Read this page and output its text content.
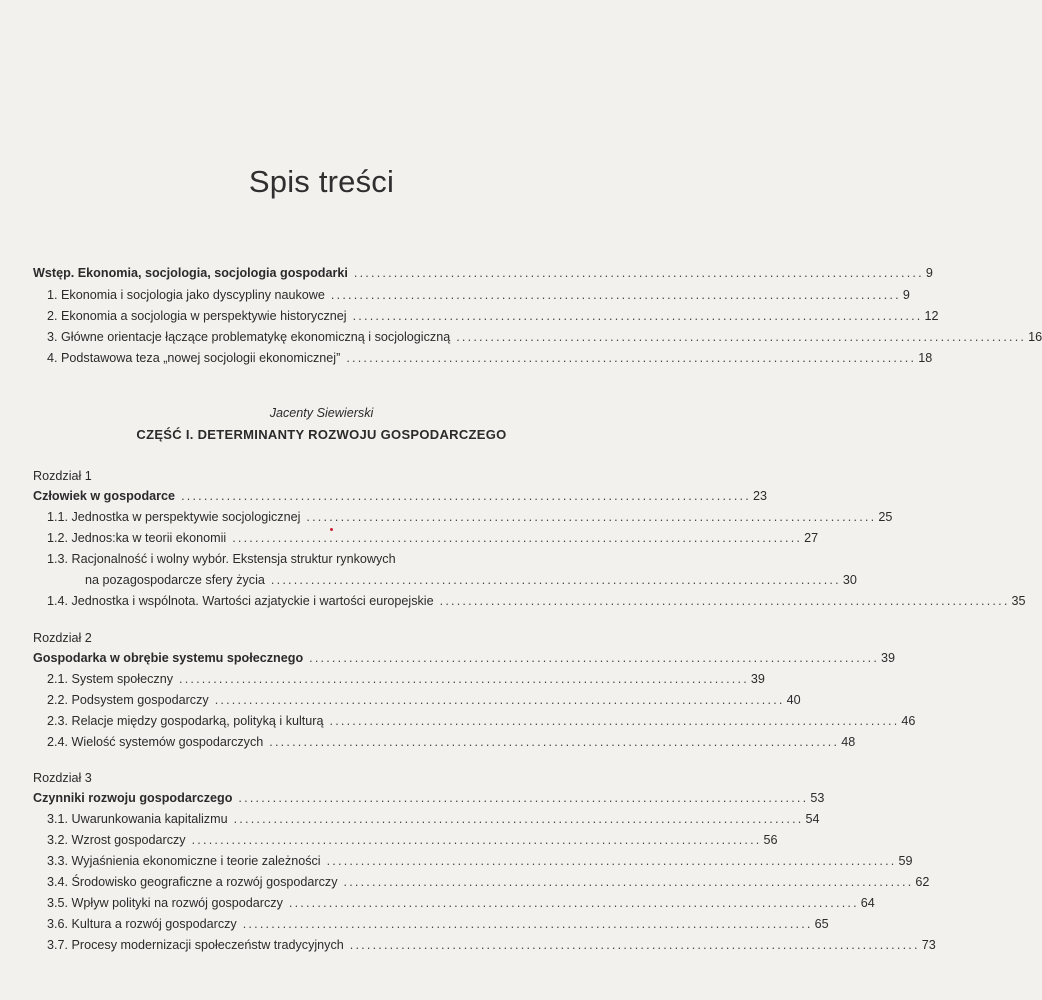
Spis treści
Wstęp. Ekonomia, socjologia, socjologia gospodarki .................................................................................................... 9
1. Ekonomia i socjologia jako dyscypliny naukowe .................................................................................................... 9
2. Ekonomia a socjologia w perspektywie historycznej .................................................................................................... 12
3. Główne orientacje łączące problematykę ekonomiczną i socjologiczną .................................................................................................... 16
4. Podstawowa teza „nowej socjologii ekonomicznej” .................................................................................................... 18
Jacenty Siewierski
CZĘŚĆ I. DETERMINANTY ROZWOJU GOSPODARCZEGO
Rozdział 1
Człowiek w gospodarce .................................................................................................... 23
1.1. Jednostka w perspektywie socjologicznej .................................................................................................... 25
1.2. Jednos:ka w teorii ekonomii .................................................................................................... 27
1.3. Racjonalność i wolny wybór. Ekstensja struktur rynkowych
na pozagospodarcze sfery życia .................................................................................................... 30
1.4. Jednostka i wspólnota. Wartości azjatyckie i wartości europejskie .................................................................................................... 35
Rozdział 2
Gospodarka w obrębie systemu społecznego .................................................................................................... 39
2.1. System społeczny .................................................................................................... 39
2.2. Podsystem gospodarczy .................................................................................................... 40
2.3. Relacje między gospodarką, polityką i kulturą .................................................................................................... 46
2.4. Wielość systemów gospodarczych .................................................................................................... 48
Rozdział 3
Czynniki rozwoju gospodarczego .................................................................................................... 53
3.1. Uwarunkowania kapitalizmu .................................................................................................... 54
3.2. Wzrost gospodarczy .................................................................................................... 56
3.3. Wyjaśnienia ekonomiczne i teorie zależności .................................................................................................... 59
3.4. Środowisko geograficzne a rozwój gospodarczy .................................................................................................... 62
3.5. Wpływ polityki na rozwój gospodarczy .................................................................................................... 64
3.6. Kultura a rozwój gospodarczy .................................................................................................... 65
3.7. Procesy modernizacji społeczeństw tradycyjnych .................................................................................................... 73
